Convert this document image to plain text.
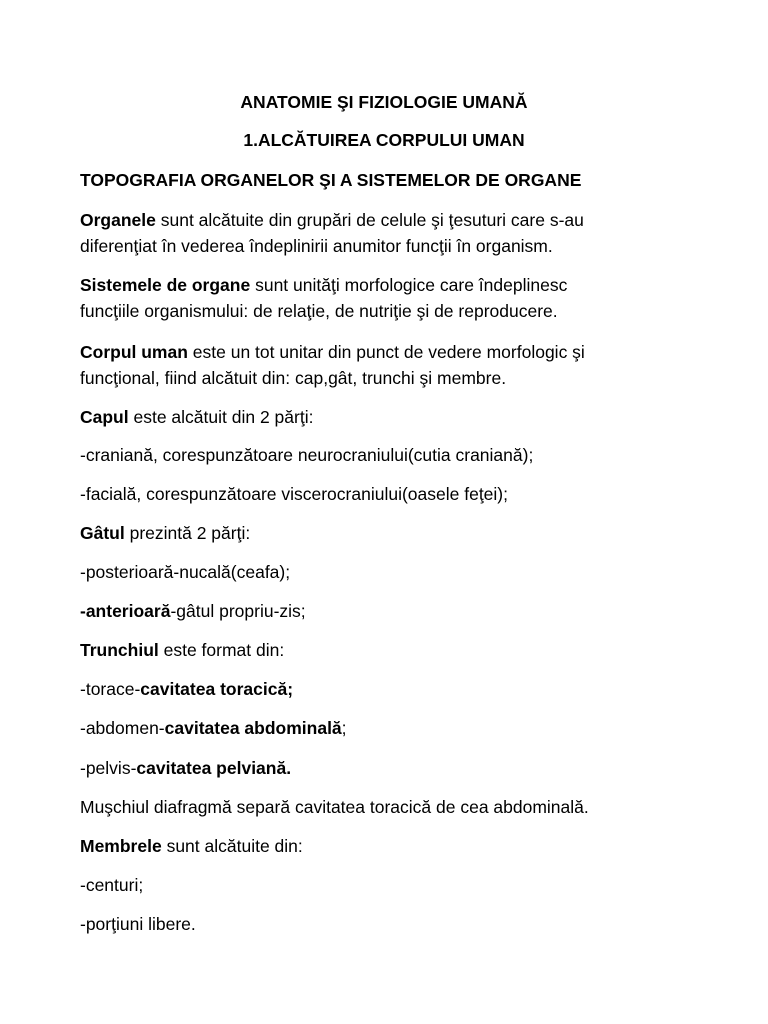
ANATOMIE ŞI FIZIOLOGIE UMANĂ

1.ALCĂTUIREA CORPULUI UMAN

TOPOGRAFIA ORGANELOR ŞI A SISTEMELOR DE ORGANE

Organele sunt alcătuite din grupări de celule şi ţesuturi care s-au

diferenţiat în vederea îndeplinirii anumitor funcţii în organism.

Sistemele de organe sunt unităţi morfologice care îndeplinesc

funcţiile organismului: de relaţie, de nutriţie şi de reproducere.

Corpul uman este un tot unitar din punct de vedere morfologic şi

funcţional, fiind alcătuit din: cap,gât, trunchi şi membre.

Capul este alcătuit din 2 părţi:

-craniană, corespunzătoare neurocraniului(cutia craniană);

-facială, corespunzătoare viscerocraniului(oasele feţei);

Gâtul prezintă 2 părţi:

-posterioară-nucală(ceafa);

-anterioară-gâtul propriu-zis;

Trunchiul este format din:

-torace-cavitatea toracică;

-abdomen-cavitatea abdominală;

-pelvis-cavitatea pelviană.

Muşchiul diafragmă separă cavitatea toracică de cea abdominală.

Membrele sunt alcătuite din:

-centuri;

-porţiuni libere.
